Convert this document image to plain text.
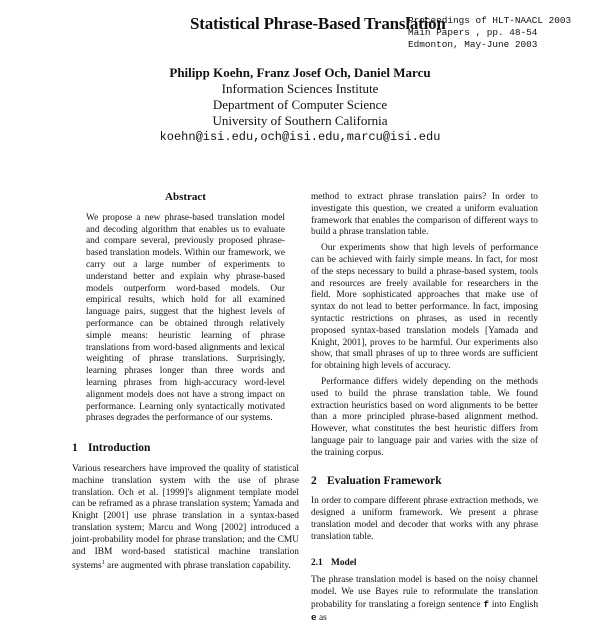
Statistical Phrase-Based Translation
Proceedings of HLT-NAACL 2003
Main Papers , pp. 48-54
Edmonton, May-June 2003
Philipp Koehn, Franz Josef Och, Daniel Marcu
Information Sciences Institute
Department of Computer Science
University of Southern California
koehn@isi.edu,och@isi.edu,marcu@isi.edu
Abstract
We propose a new phrase-based translation model and decoding algorithm that enables us to evaluate and compare several, previously proposed phrase-based translation models. Within our framework, we carry out a large number of experiments to understand better and explain why phrase-based models outperform word-based models. Our empirical results, which hold for all examined language pairs, suggest that the highest levels of performance can be obtained through relatively simple means: heuristic learning of phrase translations from word-based alignments and lexical weighting of phrase translations. Surprisingly, learning phrases longer than three words and learning phrases from high-accuracy word-level alignment models does not have a strong impact on performance. Learning only syntactically motivated phrases degrades the performance of our systems.
1 Introduction
Various researchers have improved the quality of statistical machine translation system with the use of phrase translation. Och et al. [1999]'s alignment template model can be reframed as a phrase translation system; Yamada and Knight [2001] use phrase translation in a syntax-based translation system; Marcu and Wong [2002] introduced a joint-probability model for phrase translation; and the CMU and IBM word-based statistical machine translation systems$^1$ are augmented with phrase translation capability.
method to extract phrase translation pairs? In order to investigate this question, we created a uniform evaluation framework that enables the comparison of different ways to build a phrase translation table.
Our experiments show that high levels of performance can be achieved with fairly simple means. In fact, for most of the steps necessary to build a phrase-based system, tools and resources are freely available for researchers in the field. More sophisticated approaches that make use of syntax do not lead to better performance. In fact, imposing syntactic restrictions on phrases, as used in recently proposed syntax-based translation models [Yamada and Knight, 2001], proves to be harmful. Our experiments also show, that small phrases of up to three words are sufficient for obtaining high levels of accuracy.
Performance differs widely depending on the methods used to build the phrase translation table. We found extraction heuristics based on word alignments to be better than a more principled phrase-based alignment method. However, what constitutes the best heuristic differs from language pair to language pair and varies with the size of the training corpus.
2 Evaluation Framework
In order to compare different phrase extraction methods, we designed a uniform framework. We present a phrase translation model and decoder that works with any phrase translation table.
2.1 Model
The phrase translation model is based on the noisy channel model. We use Bayes rule to reformulate the translation probability for translating a foreign sentence f into English e as
